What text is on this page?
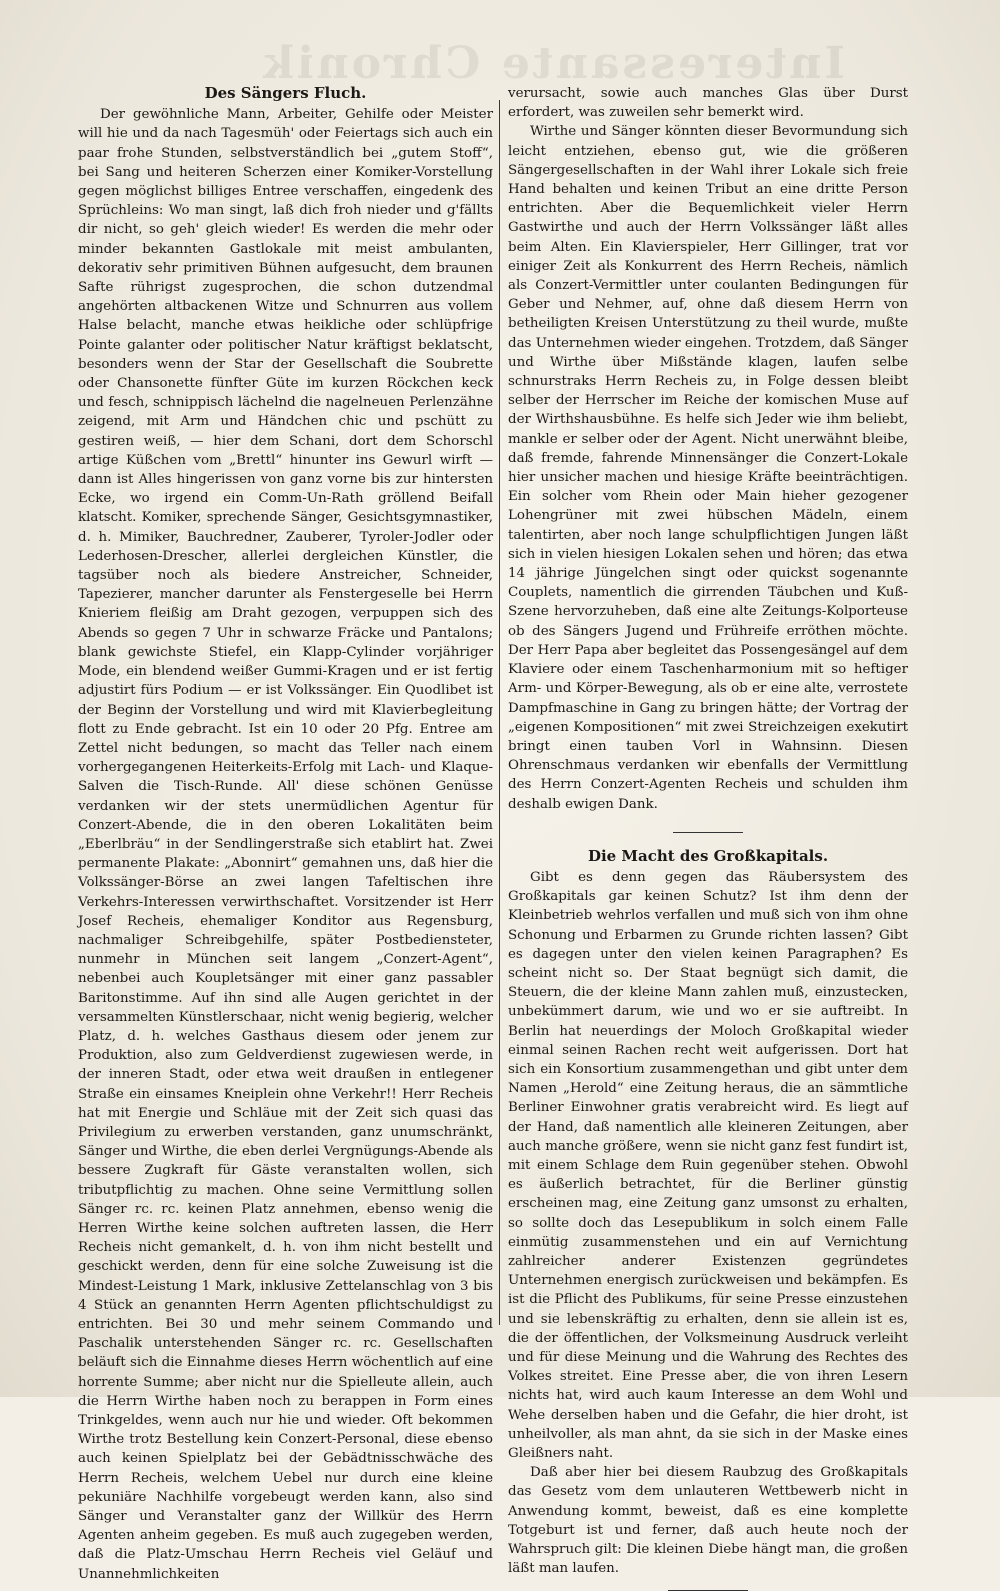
Interessante Chronik
Des Sängers Fluch.

Der gewöhnliche Mann, Arbeiter, Gehilfe oder Meister will hie und da nach Tagesmüh' oder Feiertags sich auch ein paar frohe Stunden, selbstverständlich bei „gutem Stoff“, bei Sang und heiteren Scherzen einer Komiker-Vorstellung gegen möglichst billiges Entree verschaffen, eingedenk des Sprüchleins: Wo man singt, laß dich froh nieder und g'fällts dir nicht, so geh' gleich wieder! Es werden die mehr oder minder bekannten Gastlokale mit meist ambulanten, dekorativ sehr primitiven Bühnen aufgesucht, dem braunen Safte rührigst zugesprochen, die schon dutzendmal angehörten altbackenen Witze und Schnurren aus vollem Halse belacht, manche etwas heikliche oder schlüpfrige Pointe galanter oder politischer Natur kräftigst beklatscht, besonders wenn der Star der Gesellschaft die Soubrette oder Chansonette fünfter Güte im kurzen Röckchen keck und fesch, schnippisch lächelnd die nagelneuen Perlenzähne zeigend, mit Arm und Händchen chic und pschütt zu gestiren weiß, — hier dem Schani, dort dem Schorschl artige Küßchen vom „Brettl“ hinunter ins Gewurl wirft — dann ist Alles hingerissen von ganz vorne bis zur hintersten Ecke, wo irgend ein Comm-Un-Rath gröllend Beifall klatscht. Komiker, sprechende Sänger, Gesichtsgymnastiker, d. h. Mimiker, Bauchredner, Zauberer, Tyroler-Jodler oder Lederhosen-Drescher, allerlei dergleichen Künstler, die tagsüber noch als biedere Anstreicher, Schneider, Tapezierer, mancher darunter als Fenstergeselle bei Herrn Knieriem fleißig am Draht gezogen, verpuppen sich des Abends so gegen 7 Uhr in schwarze Fräcke und Pantalons; blank gewichste Stiefel, ein Klapp-Cylinder vorjähriger Mode, ein blendend weißer Gummi-Kragen und er ist fertig adjustirt fürs Podium — er ist Volkssänger. Ein Quodlibet ist der Beginn der Vorstellung und wird mit Klavierbegleitung flott zu Ende gebracht. Ist ein 10 oder 20 Pfg. Entree am Zettel nicht bedungen, so macht das Teller nach einem vorhergegangenen Heiterkeits-Erfolg mit Lach- und Klaque-Salven die Tisch-Runde. All' diese schönen Genüsse verdanken wir der stets unermüdlichen Agentur für Conzert-Abende, die in den oberen Lokalitäten beim „Eberlbräu“ in der Sendlingerstraße sich etablirt hat. Zwei permanente Plakate: „Abonnirt“ gemahnen uns, daß hier die Volkssänger-Börse an zwei langen Tafeltischen ihre Verkehrs-Interessen verwirthschaftet. Vorsitzender ist Herr Josef Recheis, ehemaliger Konditor aus Regensburg, nachmaliger Schreibgehilfe, später Postbediensteter, nunmehr in München seit langem „Conzert-Agent“, nebenbei auch Koupletsänger mit einer ganz passabler Baritonstimme. Auf ihn sind alle Augen gerichtet in der versammelten Künstlerschaar, nicht wenig begierig, welcher Platz, d. h. welches Gasthaus diesem oder jenem zur Produktion, also zum Geldverdienst zugewiesen werde, in der inneren Stadt, oder etwa weit draußen in entlegener Straße ein einsames Kneiplein ohne Verkehr!! Herr Recheis hat mit Energie und Schläue mit der Zeit sich quasi das Privilegium zu erwerben verstanden, ganz unumschränkt, Sänger und Wirthe, die eben derlei Vergnügungs-Abende als bessere Zugkraft für Gäste veranstalten wollen, sich tributpflichtig zu machen. Ohne seine Vermittlung sollen Sänger rc. rc. keinen Platz annehmen, ebenso wenig die Herren Wirthe keine solchen auftreten lassen, die Herr Recheis nicht gemankelt, d. h. von ihm nicht bestellt und geschickt werden, denn für eine solche Zuweisung ist die Mindest-Leistung 1 Mark, inklusive Zettelanschlag von 3 bis 4 Stück an genannten Herrn Agenten pflichtschuldigst zu entrichten. Bei 30 und mehr seinem Commando und Paschalik unterstehenden Sänger rc. rc. Gesellschaften beläuft sich die Einnahme dieses Herrn wöchentlich auf eine horrente Summe; aber nicht nur die Spielleute allein, auch die Herrn Wirthe haben noch zu berappen in Form eines Trinkgeldes, wenn auch nur hie und wieder. Oft bekommen Wirthe trotz Bestellung kein Conzert-Personal, diese ebenso auch keinen Spielplatz bei der Gebädtnisschwäche des Herrn Recheis, welchem Uebel nur durch eine kleine pekuniäre Nachhilfe vorgebeugt werden kann, also sind Sänger und Veranstalter ganz der Willkür des Herrn Agenten anheim gegeben. Es muß auch zugegeben werden, daß die Platz-Umschau Herrn Recheis viel Geläuf und Unannehmlichkeiten

verursacht, sowie auch manches Glas über Durst erfordert, was zuweilen sehr bemerkt wird.

Wirthe und Sänger könnten dieser Bevormundung sich leicht entziehen, ebenso gut, wie die größeren Sängergesellschaften in der Wahl ihrer Lokale sich freie Hand behalten und keinen Tribut an eine dritte Person entrichten. Aber die Bequemlichkeit vieler Herrn Gastwirthe und auch der Herrn Volkssänger läßt alles beim Alten. Ein Klavierspieler, Herr Gillinger, trat vor einiger Zeit als Konkurrent des Herrn Recheis, nämlich als Conzert-Vermittler unter coulanten Bedingungen für Geber und Nehmer, auf, ohne daß diesem Herrn von betheiligten Kreisen Unterstützung zu theil wurde, mußte das Unternehmen wieder eingehen. Trotzdem, daß Sänger und Wirthe über Mißstände klagen, laufen selbe schnurstraks Herrn Recheis zu, in Folge dessen bleibt selber der Herrscher im Reiche der komischen Muse auf der Wirthshausbühne. Es helfe sich Jeder wie ihm beliebt, mankle er selber oder der Agent. Nicht unerwähnt bleibe, daß fremde, fahrende Minnensänger die Conzert-Lokale hier unsicher machen und hiesige Kräfte beeinträchtigen. Ein solcher vom Rhein oder Main hieher gezogener Lohengrüner mit zwei hübschen Mädeln, einem talentirten, aber noch lange schulpflichtigen Jungen läßt sich in vielen hiesigen Lokalen sehen und hören; das etwa 14 jährige Jüngelchen singt oder quickst sogenannte Couplets, namentlich die girrenden Täubchen und Kuß-Szene hervorzuheben, daß eine alte Zeitungs-Kolporteuse ob des Sängers Jugend und Frühreife erröthen möchte. Der Herr Papa aber begleitet das Possengesängel auf dem Klaviere oder einem Taschenharmonium mit so heftiger Arm- und Körper-Bewegung, als ob er eine alte, verrostete Dampfmaschine in Gang zu bringen hätte; der Vortrag der „eigenen Kompositionen“ mit zwei Streichzeigen exekutirt bringt einen tauben Vorl in Wahnsinn. Diesen Ohrenschmaus verdanken wir ebenfalls der Vermittlung des Herrn Conzert-Agenten Recheis und schulden ihm deshalb ewigen Dank.

Die Macht des Großkapitals.

Gibt es denn gegen das Räubersystem des Großkapitals gar keinen Schutz? Ist ihm denn der Kleinbetrieb wehrlos verfallen und muß sich von ihm ohne Schonung und Erbarmen zu Grunde richten lassen? Gibt es dagegen unter den vielen keinen Paragraphen? Es scheint nicht so. Der Staat begnügt sich damit, die Steuern, die der kleine Mann zahlen muß, einzustecken, unbekümmert darum, wie und wo er sie auftreibt. In Berlin hat neuerdings der Moloch Großkapital wieder einmal seinen Rachen recht weit aufgerissen. Dort hat sich ein Konsortium zusammengethan und gibt unter dem Namen „Herold“ eine Zeitung heraus, die an sämmtliche Berliner Einwohner gratis verabreicht wird. Es liegt auf der Hand, daß namentlich alle kleineren Zeitungen, aber auch manche größere, wenn sie nicht ganz fest fundirt ist, mit einem Schlage dem Ruin gegenüber stehen. Obwohl es äußerlich betrachtet, für die Berliner günstig erscheinen mag, eine Zeitung ganz umsonst zu erhalten, so sollte doch das Lesepublikum in solch einem Falle einmütig zusammenstehen und ein auf Vernichtung zahlreicher anderer Existenzen gegründetes Unternehmen energisch zurückweisen und bekämpfen. Es ist die Pflicht des Publikums, für seine Presse einzustehen und sie lebenskräftig zu erhalten, denn sie allein ist es, die der öffentlichen, der Volksmeinung Ausdruck verleiht und für diese Meinung und die Wahrung des Rechtes des Volkes streitet. Eine Presse aber, die von ihren Lesern nichts hat, wird auch kaum Interesse an dem Wohl und Wehe derselben haben und die Gefahr, die hier droht, ist unheilvoller, als man ahnt, da sie sich in der Maske eines Gleißners naht.

Daß aber hier bei diesem Raubzug des Großkapitals das Gesetz vom dem unlauteren Wettbewerb nicht in Anwendung kommt, beweist, daß es eine komplette Totgeburt ist und ferner, daß auch heute noch der Wahrspruch gilt: Die kleinen Diebe hängt man, die großen läßt man laufen.
